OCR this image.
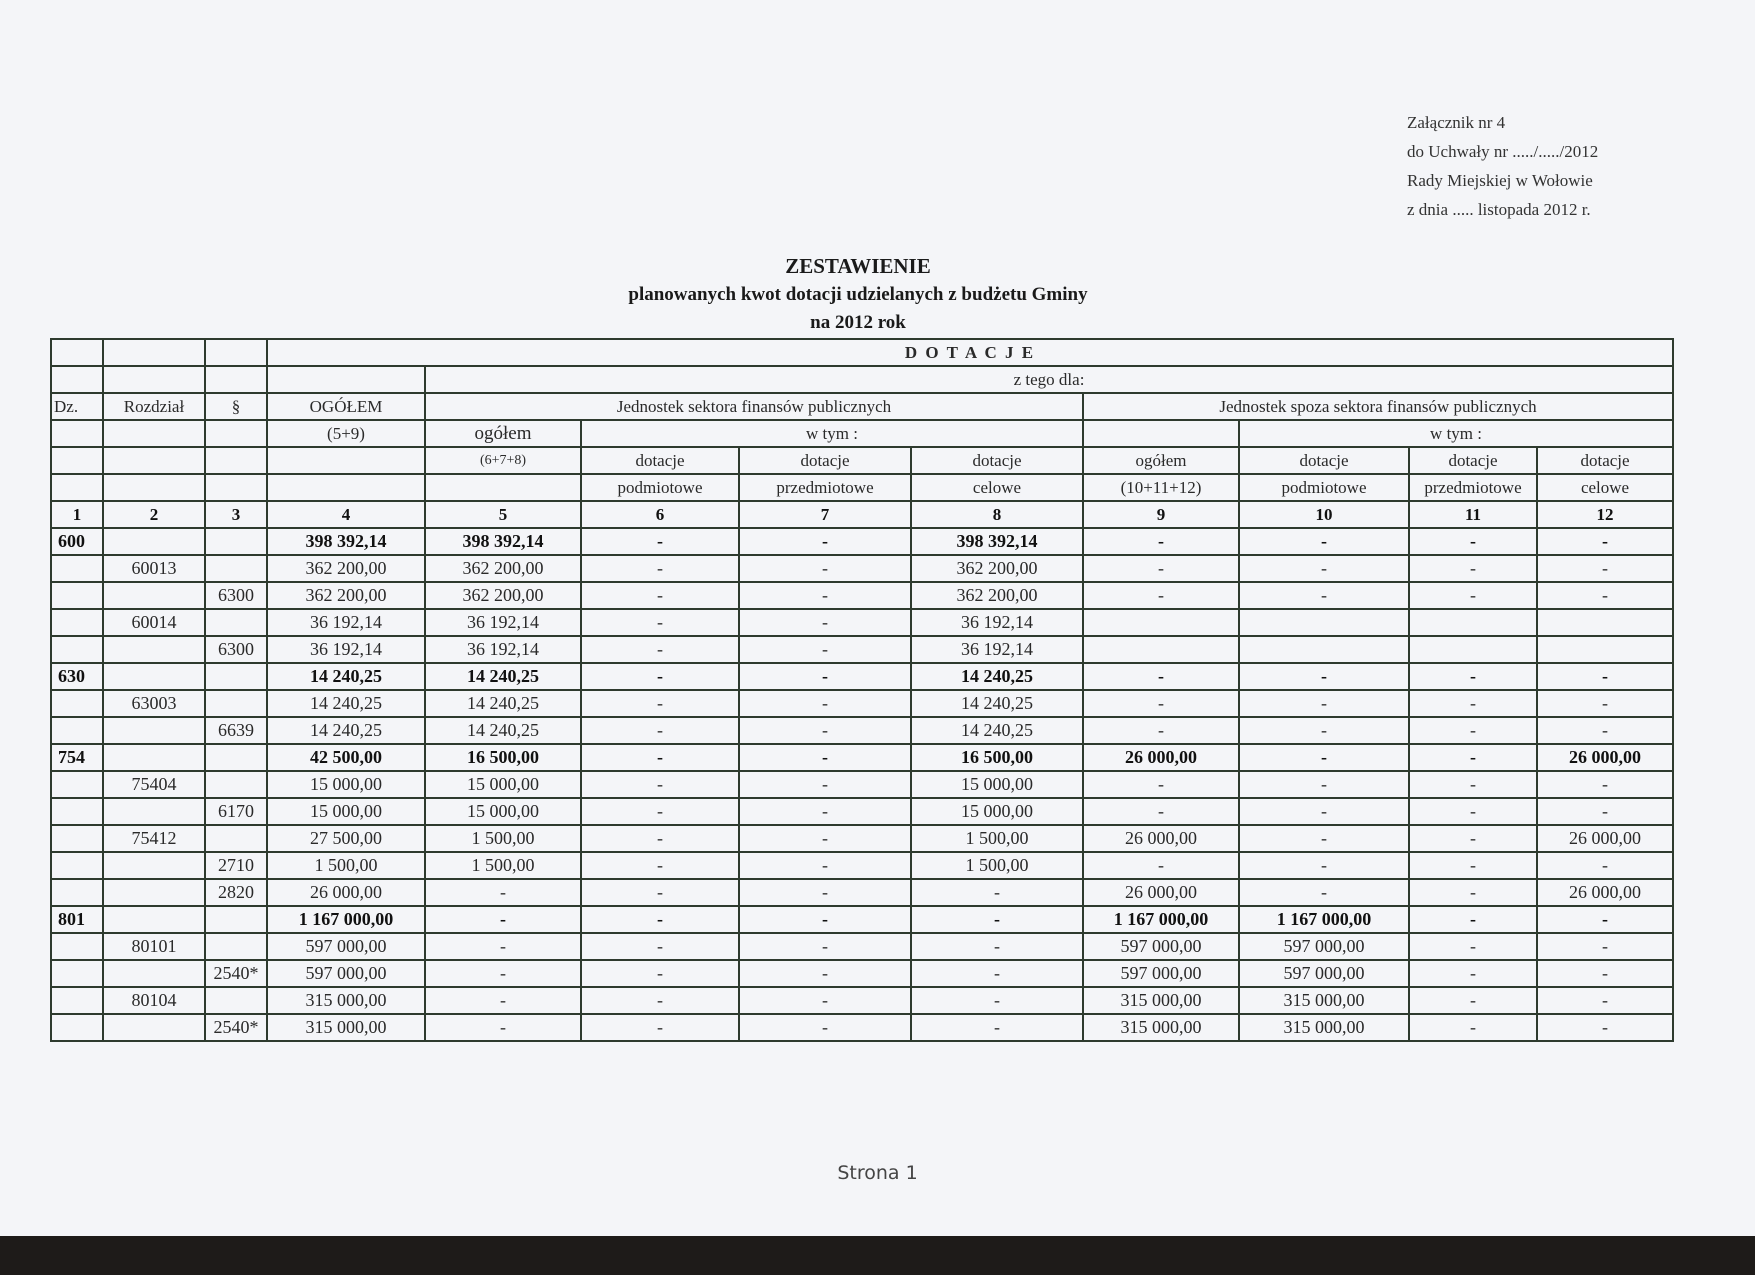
Załącznik nr 4
do Uchwały nr ...../...../2012
Rady Miejskiej w Wołowie
z dnia ..... listopada 2012 r.
ZESTAWIENIE
planowanych kwot dotacji udzielanych z budżetu Gminy
na 2012 rok
			D O T A C J E								
				z tego dla:							
Dz.	Rozdział	§	OGÓŁEM	Jednostek sektora finansów publicznych				Jednostek spoza sektora finansów publicznych			
			(5+9)	ogółem	w tym :				w tym :		
				(6+7+8)	dotacje	dotacje	dotacje	ogółem	dotacje	dotacje	dotacje
					podmiotowe	przedmiotowe	celowe	(10+11+12)	podmiotowe	przedmiotowe	celowe
1	2	3	4	5	6	7	8	9	10	11	12
600			398 392,14	398 392,14	-	-	398 392,14	-	-	-	-
	60013		362 200,00	362 200,00	-	-	362 200,00	-	-	-	-
		6300	362 200,00	362 200,00	-	-	362 200,00	-	-	-	-
	60014		36 192,14	36 192,14	-	-	36 192,14				
		6300	36 192,14	36 192,14	-	-	36 192,14				
630			14 240,25	14 240,25	-	-	14 240,25	-	-	-	-
	63003		14 240,25	14 240,25	-	-	14 240,25	-	-	-	-
		6639	14 240,25	14 240,25	-	-	14 240,25	-	-	-	-
754			42 500,00	16 500,00	-	-	16 500,00	26 000,00	-	-	26 000,00
	75404		15 000,00	15 000,00	-	-	15 000,00	-	-	-	-
		6170	15 000,00	15 000,00	-	-	15 000,00	-	-	-	-
	75412		27 500,00	1 500,00	-	-	1 500,00	26 000,00	-	-	26 000,00
		2710	1 500,00	1 500,00	-	-	1 500,00	-	-	-	-
		2820	26 000,00	-	-	-	-	26 000,00	-	-	26 000,00
801			1 167 000,00	-	-	-	-	1 167 000,00	1 167 000,00	-	-
	80101		597 000,00	-	-	-	-	597 000,00	597 000,00	-	-
		2540*	597 000,00	-	-	-	-	597 000,00	597 000,00	-	-
	80104		315 000,00	-	-	-	-	315 000,00	315 000,00	-	-
		2540*	315 000,00	-	-	-	-	315 000,00	315 000,00	-	-
Strona 1
